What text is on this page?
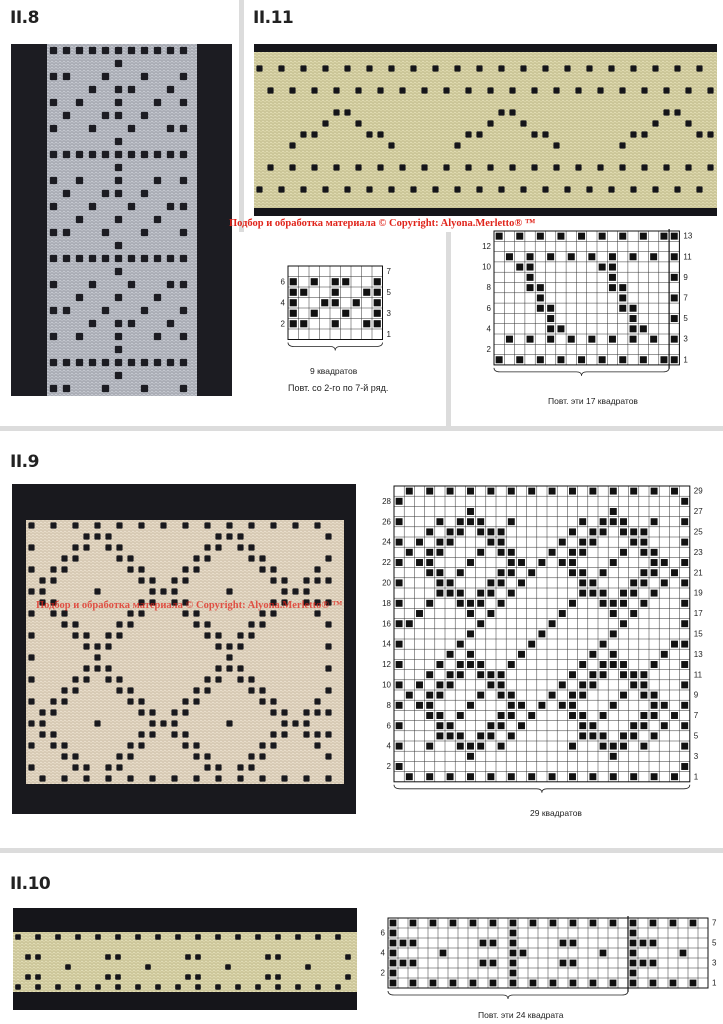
II.8	II.11
II.9
II.10
Подбор и обработка материала © Copyright: Alyona.Merletto® ™
Подбор и обработка материала © Copyright: Alyona.Merletto® ™
1
3
5
7
2
4
6
9 квадратов
Повт. со 2-го по 7-й ряд.
1
3
5
7
9
11
13
2
4
6
8
10
12
Повт. эти 17 квадратов
1
3
5
7
9
11
13
15
17
19
21
23
25
27
29
2
4
6
8
10
12
14
16
18
20
22
24
26
28
29 квадратов
1
3
5
7
2
4
6
Повт. эти 24 квадрата
